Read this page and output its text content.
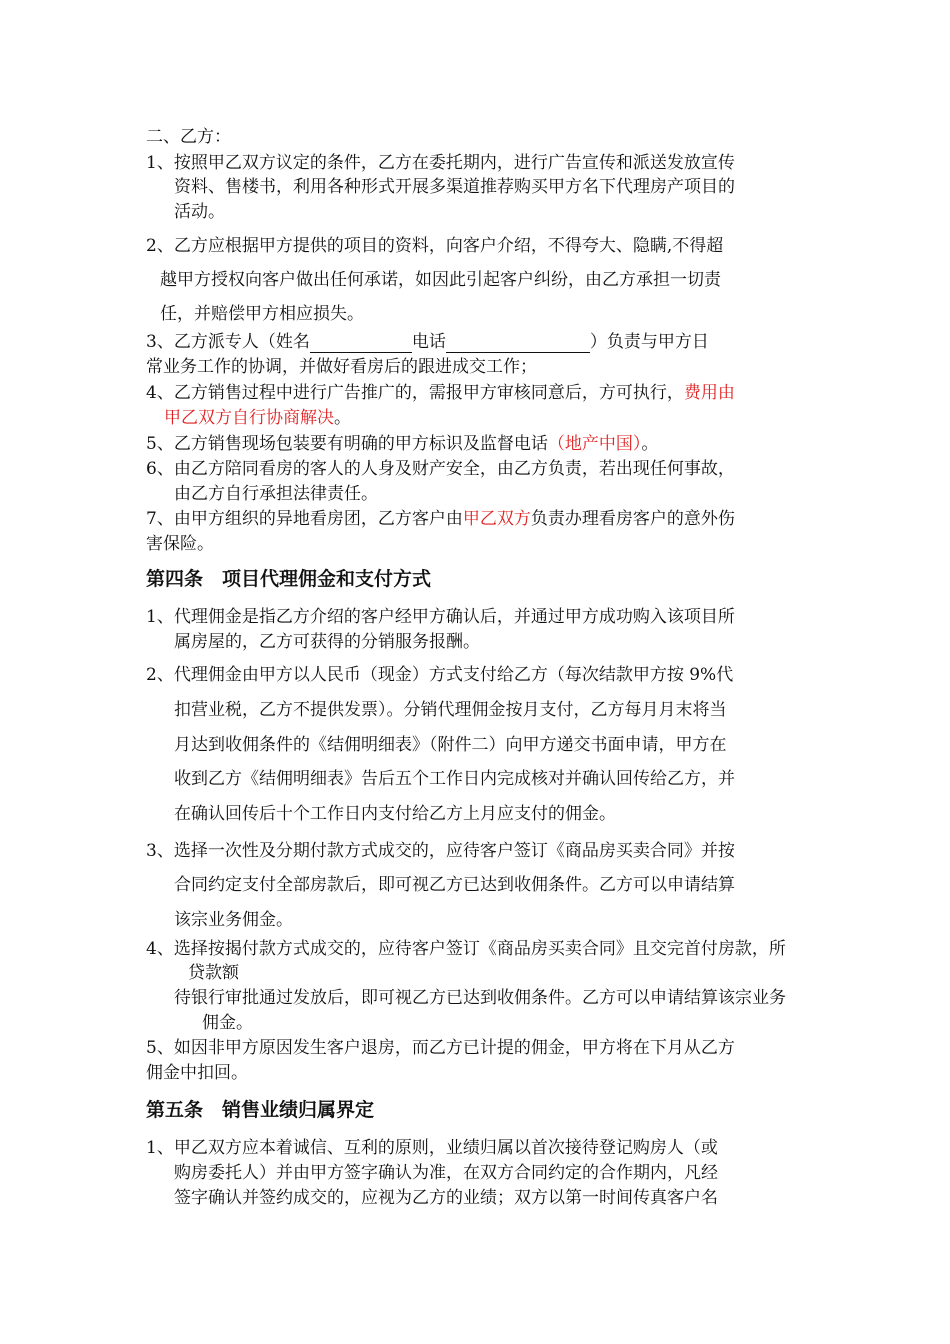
二、乙方：
1、按照甲乙双方议定的条件，乙方在委托期内，进行广告宣传和派送发放宣传
资料、售楼书，利用各种形式开展多渠道推荐购买甲方名下代理房产项目的
活动。
2、乙方应根据甲方提供的项目的资料，向客户介绍，不得夸大、隐瞒,不得超
越甲方授权向客户做出任何承诺，如因此引起客户纠纷，由乙方承担一切责
任，并赔偿甲方相应损失。
3、乙方派专人（姓名	电话	）负责与甲方日
常业务工作的协调，并做好看房后的跟进成交工作；
4、乙方销售过程中进行广告推广的，需报甲方审核同意后，方可执行，费用由
甲乙双方自行协商解决。
5、乙方销售现场包装要有明确的甲方标识及监督电话（地产中国）。
6、由乙方陪同看房的客人的人身及财产安全，由乙方负责，若出现任何事故，
由乙方自行承担法律责任。
7、由甲方组织的异地看房团，乙方客户由甲乙双方负责办理看房客户的意外伤
害保险。
第四条　项目代理佣金和支付方式
1、代理佣金是指乙方介绍的客户经甲方确认后，并通过甲方成功购入该项目所
属房屋的，乙方可获得的分销服务报酬。
2、代理佣金由甲方以人民币（现金）方式支付给乙方（每次结款甲方按 9%代
扣营业税，乙方不提供发票）。分销代理佣金按月支付，乙方每月月末将当
月达到收佣条件的《结佣明细表》（附件二）向甲方递交书面申请，甲方在
收到乙方《结佣明细表》告后五个工作日内完成核对并确认回传给乙方，并
在确认回传后十个工作日内支付给乙方上月应支付的佣金。
3、选择一次性及分期付款方式成交的，应待客户签订《商品房买卖合同》并按
合同约定支付全部房款后，即可视乙方已达到收佣条件。乙方可以申请结算
该宗业务佣金。
4、选择按揭付款方式成交的，应待客户签订《商品房买卖合同》且交完首付房款，所
贷款额
待银行审批通过发放后，即可视乙方已达到收佣条件。乙方可以申请结算该宗业务
佣金。
5、如因非甲方原因发生客户退房，而乙方已计提的佣金，甲方将在下月从乙方
佣金中扣回。
第五条　销售业绩归属界定
1、甲乙双方应本着诚信、互利的原则，业绩归属以首次接待登记购房人（或
购房委托人）并由甲方签字确认为准，在双方合同约定的合作期内，凡经
签字确认并签约成交的，应视为乙方的业绩；双方以第一时间传真客户名
